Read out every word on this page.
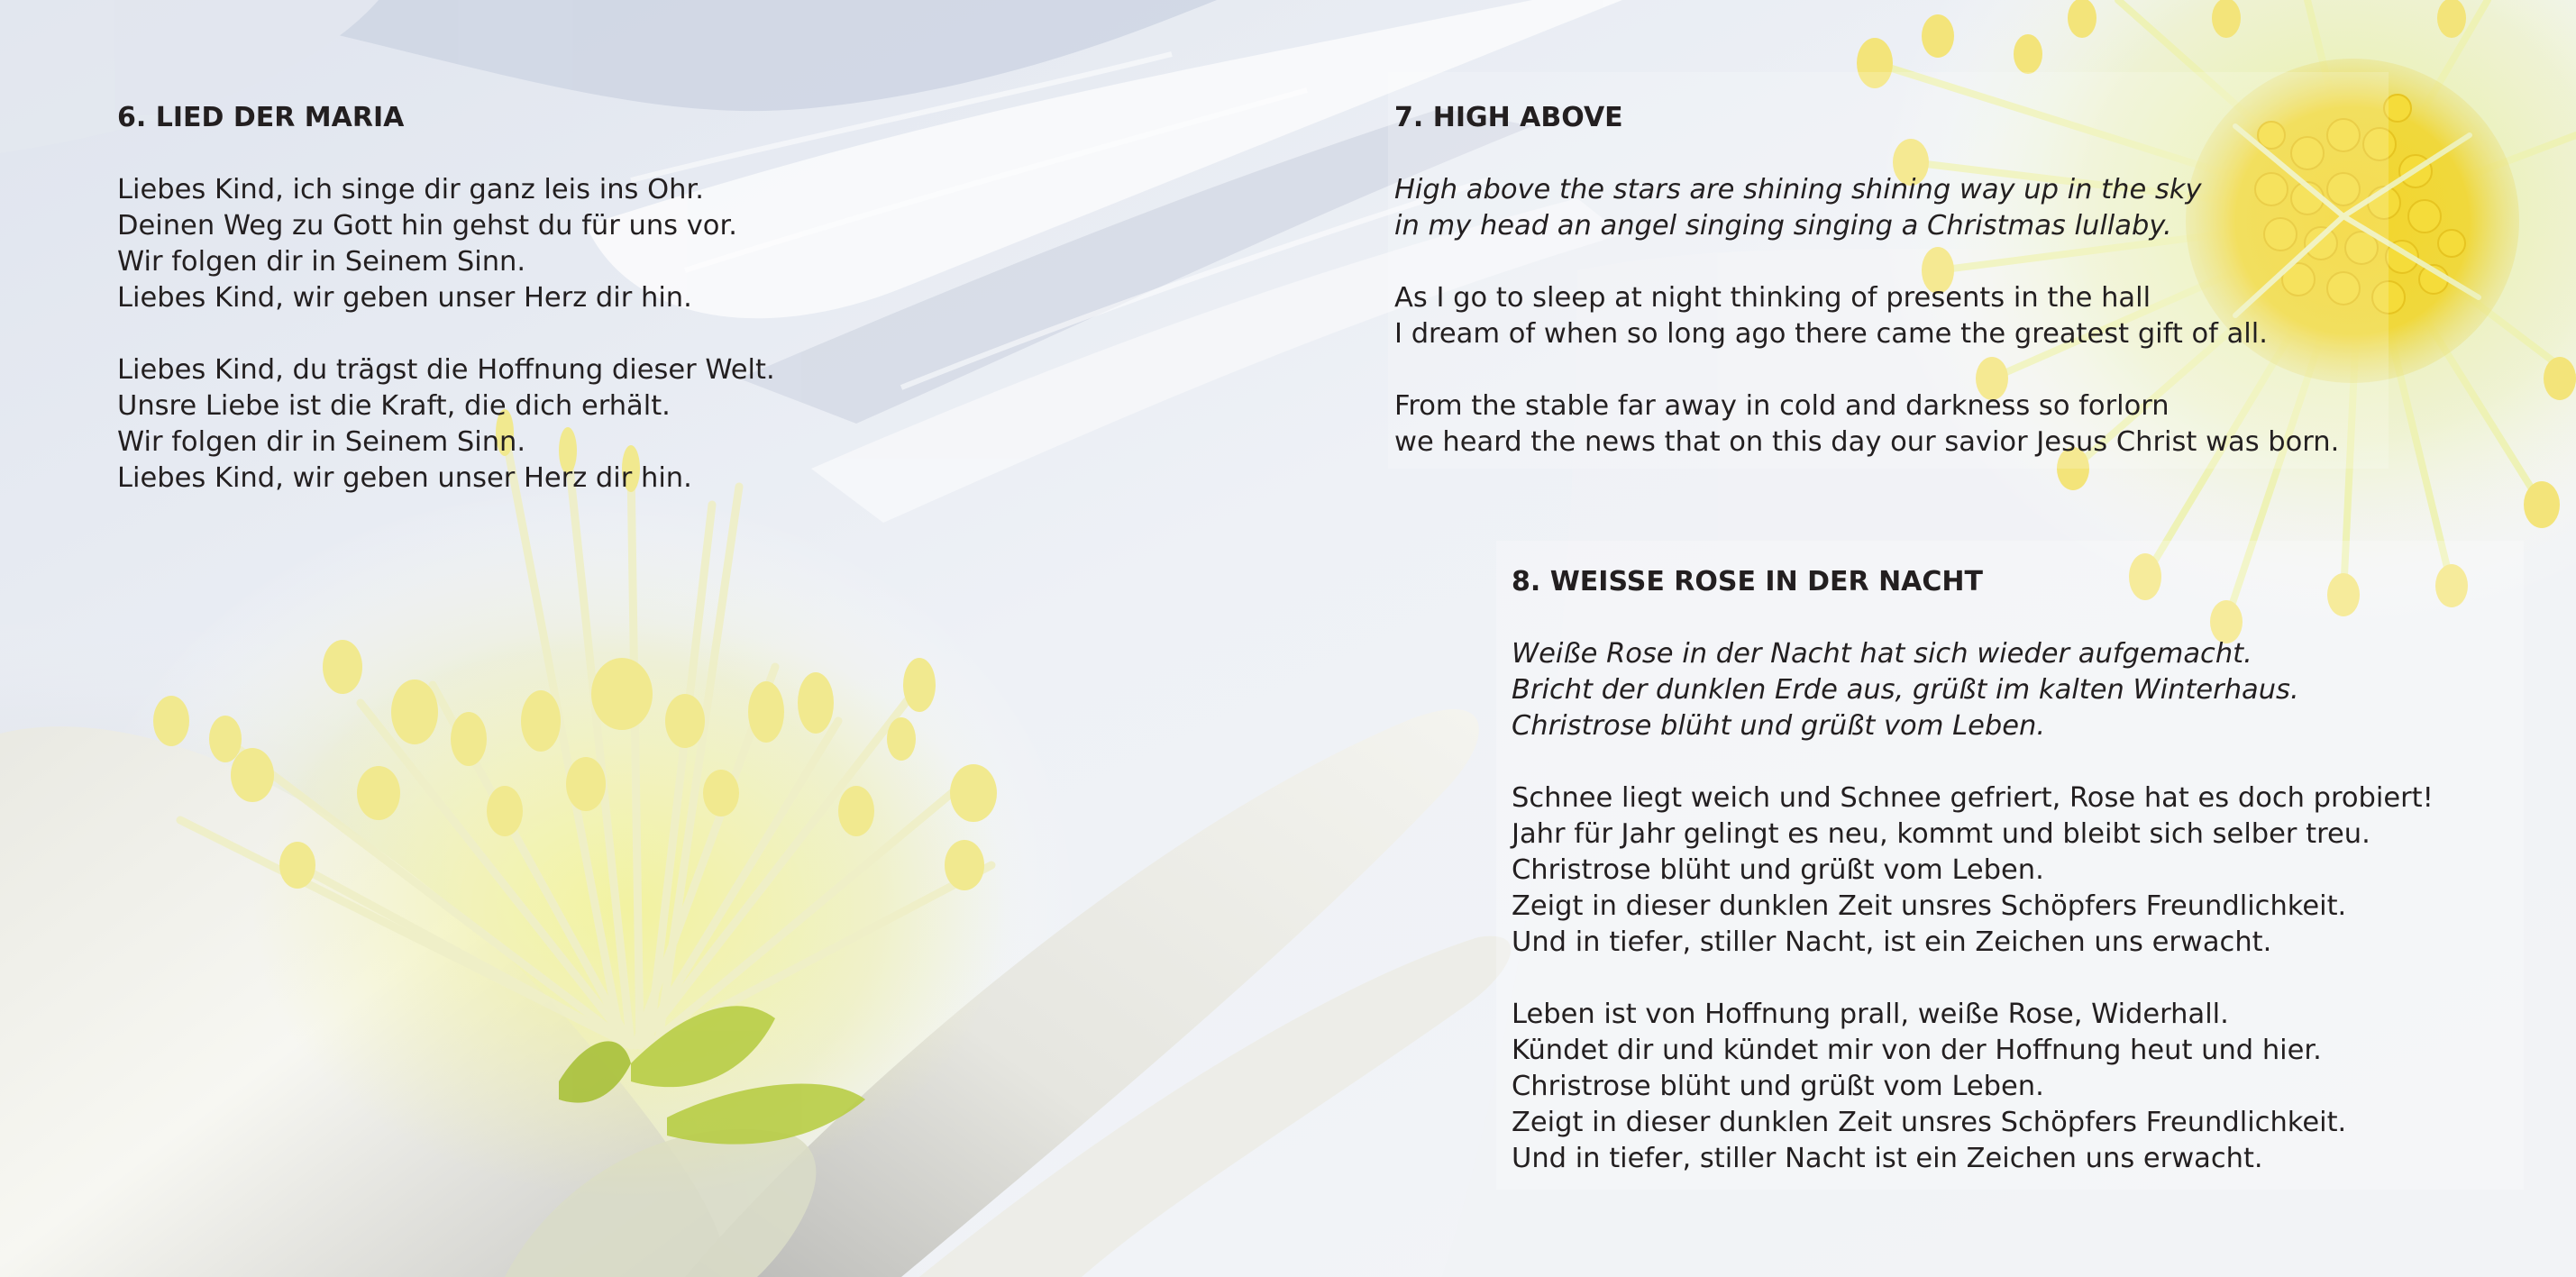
6. LIED DER MARIA
Liebes Kind, ich singe dir ganz leis ins Ohr.
Deinen Weg zu Gott hin gehst du für uns vor.
Wir folgen dir in Seinem Sinn.
Liebes Kind, wir geben unser Herz dir hin.
Liebes Kind, du trägst die Hoffnung dieser Welt.
Unsre Liebe ist die Kraft, die dich erhält.
Wir folgen dir in Seinem Sinn.
Liebes Kind, wir geben unser Herz dir hin.
7. HIGH ABOVE
High above the stars are shining shining way up in the sky
in my head an angel singing singing a Christmas lullaby.
As I go to sleep at night thinking of presents in the hall
I dream of when so long ago there came the greatest gift of all.
From the stable far away in cold and darkness so forlorn
we heard the news that on this day our savior Jesus Christ was born.
8. WEISSE ROSE IN DER NACHT
Weiße Rose in der Nacht hat sich wieder aufgemacht.
Bricht der dunklen Erde aus, grüßt im kalten Winterhaus.
Christrose blüht und grüßt vom Leben.
Schnee liegt weich und Schnee gefriert, Rose hat es doch probiert!
Jahr für Jahr gelingt es neu, kommt und bleibt sich selber treu.
Christrose blüht und grüßt vom Leben.
Zeigt in dieser dunklen Zeit unsres Schöpfers Freundlichkeit.
Und in tiefer, stiller Nacht, ist ein Zeichen uns erwacht.
Leben ist von Hoffnung prall, weiße Rose, Widerhall.
Kündet dir und kündet mir von der Hoffnung heut und hier.
Christrose blüht und grüßt vom Leben.
Zeigt in dieser dunklen Zeit unsres Schöpfers Freundlichkeit.
Und in tiefer, stiller Nacht ist ein Zeichen uns erwacht.
